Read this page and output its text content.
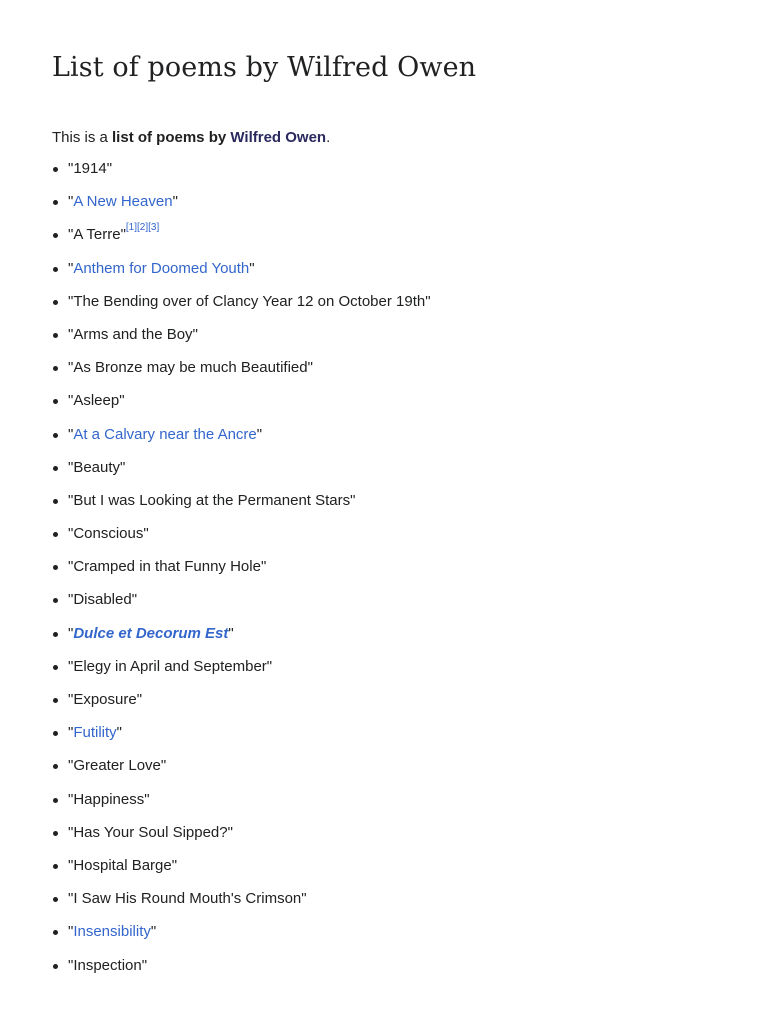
List of poems by Wilfred Owen

This is a list of poems by Wilfred Owen.

"1914"
"A New Heaven"
"A Terre"[1][2][3]
"Anthem for Doomed Youth"
"The Bending over of Clancy Year 12 on October 19th"
"Arms and the Boy"
"As Bronze may be much Beautified"
"Asleep"
"At a Calvary near the Ancre"
"Beauty"
"But I was Looking at the Permanent Stars"
"Conscious"
"Cramped in that Funny Hole"
"Disabled"
"Dulce et Decorum Est"
"Elegy in April and September"
"Exposure"
"Futility"
"Greater Love"
"Happiness"
"Has Your Soul Sipped?"
"Hospital Barge"
"I Saw His Round Mouth's Crimson"
"Insensibility"
"Inspection"
